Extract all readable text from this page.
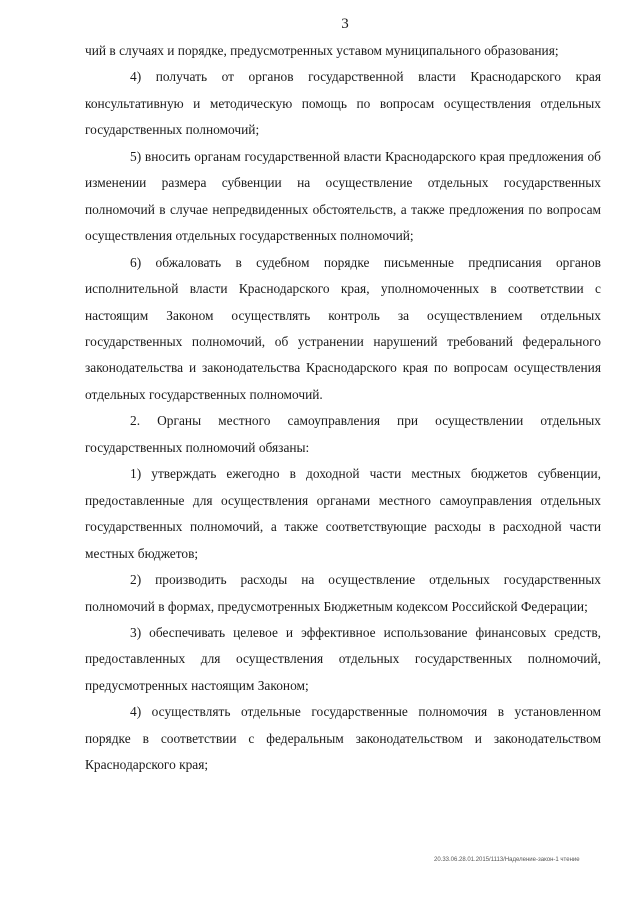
3

чий в случаях и порядке, предусмотренных уставом муниципального образования;

4) получать от органов государственной власти Краснодарского края консультативную и методическую помощь по вопросам осуществления отдельных государственных полномочий;

5) вносить органам государственной власти Краснодарского края предложения об изменении размера субвенции на осуществление отдельных государственных полномочий в случае непредвиденных обстоятельств, а также предложения по вопросам осуществления отдельных государственных полномочий;

6) обжаловать в судебном порядке письменные предписания органов исполнительной власти Краснодарского края, уполномоченных в соответствии с настоящим Законом осуществлять контроль за осуществлением отдельных государственных полномочий, об устранении нарушений требований федерального законодательства и законодательства Краснодарского края по вопросам осуществления отдельных государственных полномочий.

2. Органы местного самоуправления при осуществлении отдельных государственных полномочий обязаны:

1) утверждать ежегодно в доходной части местных бюджетов субвенции, предоставленные для осуществления органами местного самоуправления отдельных государственных полномочий, а также соответствующие расходы в расходной части местных бюджетов;

2) производить расходы на осуществление отдельных государственных полномочий в формах, предусмотренных Бюджетным кодексом Российской Федерации;

3) обеспечивать целевое и эффективное использование финансовых средств, предоставленных для осуществления отдельных государственных полномочий, предусмотренных настоящим Законом;

4) осуществлять отдельные государственные полномочия в установленном порядке в соответствии с федеральным законодательством и законодательством Краснодарского края;

20.33.06.28.01.2015/1113/Наделение-закон-1 чтение
